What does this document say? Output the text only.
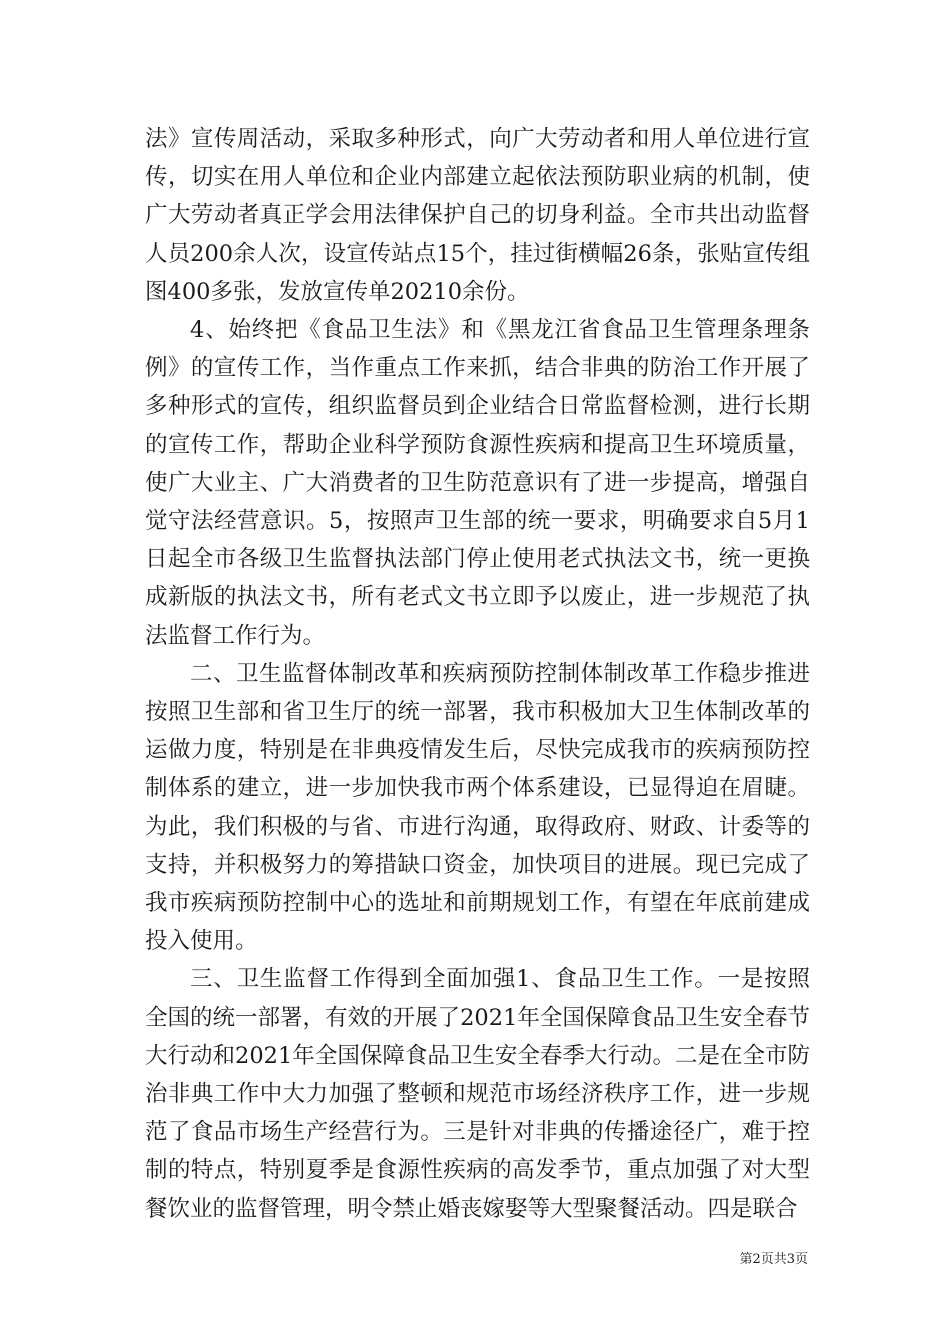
法》宣传周活动，采取多种形式，向广大劳动者和用人单位进行宣传，切实在用人单位和企业内部建立起依法预防职业病的机制，使广大劳动者真正学会用法律保护自己的切身利益。全市共出动监督人员200余人次，设宣传站点15个，挂过街横幅26条，张贴宣传组图400多张，发放宣传单20210余份。

4、始终把《食品卫生法》和《黑龙江省食品卫生管理条理条例》的宣传工作，当作重点工作来抓，结合非典的防治工作开展了多种形式的宣传，组织监督员到企业结合日常监督检测，进行长期的宣传工作，帮助企业科学预防食源性疾病和提高卫生环境质量，使广大业主、广大消费者的卫生防范意识有了进一步提高，增强自觉守法经营意识。5，按照声卫生部的统一要求，明确要求自5月1日起全市各级卫生监督执法部门停止使用老式执法文书，统一更换成新版的执法文书，所有老式文书立即予以废止，进一步规范了执法监督工作行为。

二、卫生监督体制改革和疾病预防控制体制改革工作稳步推进按照卫生部和省卫生厅的统一部署，我市积极加大卫生体制改革的运做力度，特别是在非典疫情发生后，尽快完成我市的疾病预防控制体系的建立，进一步加快我市两个体系建设，已显得迫在眉睫。为此，我们积极的与省、市进行沟通，取得政府、财政、计委等的支持，并积极努力的筹措缺口资金，加快项目的进展。现已完成了我市疾病预防控制中心的选址和前期规划工作，有望在年底前建成投入使用。

三、卫生监督工作得到全面加强1、食品卫生工作。一是按照全国的统一部署，有效的开展了2021年全国保障食品卫生安全春节大行动和2021年全国保障食品卫生安全春季大行动。二是在全市防治非典工作中大力加强了整顿和规范市场经济秩序工作，进一步规范了食品市场生产经营行为。三是针对非典的传播途径广，难于控制的特点，特别夏季是食源性疾病的高发季节，重点加强了对大型餐饮业的监督管理，明令禁止婚丧嫁娶等大型聚餐活动。四是联合

第2页共3页
